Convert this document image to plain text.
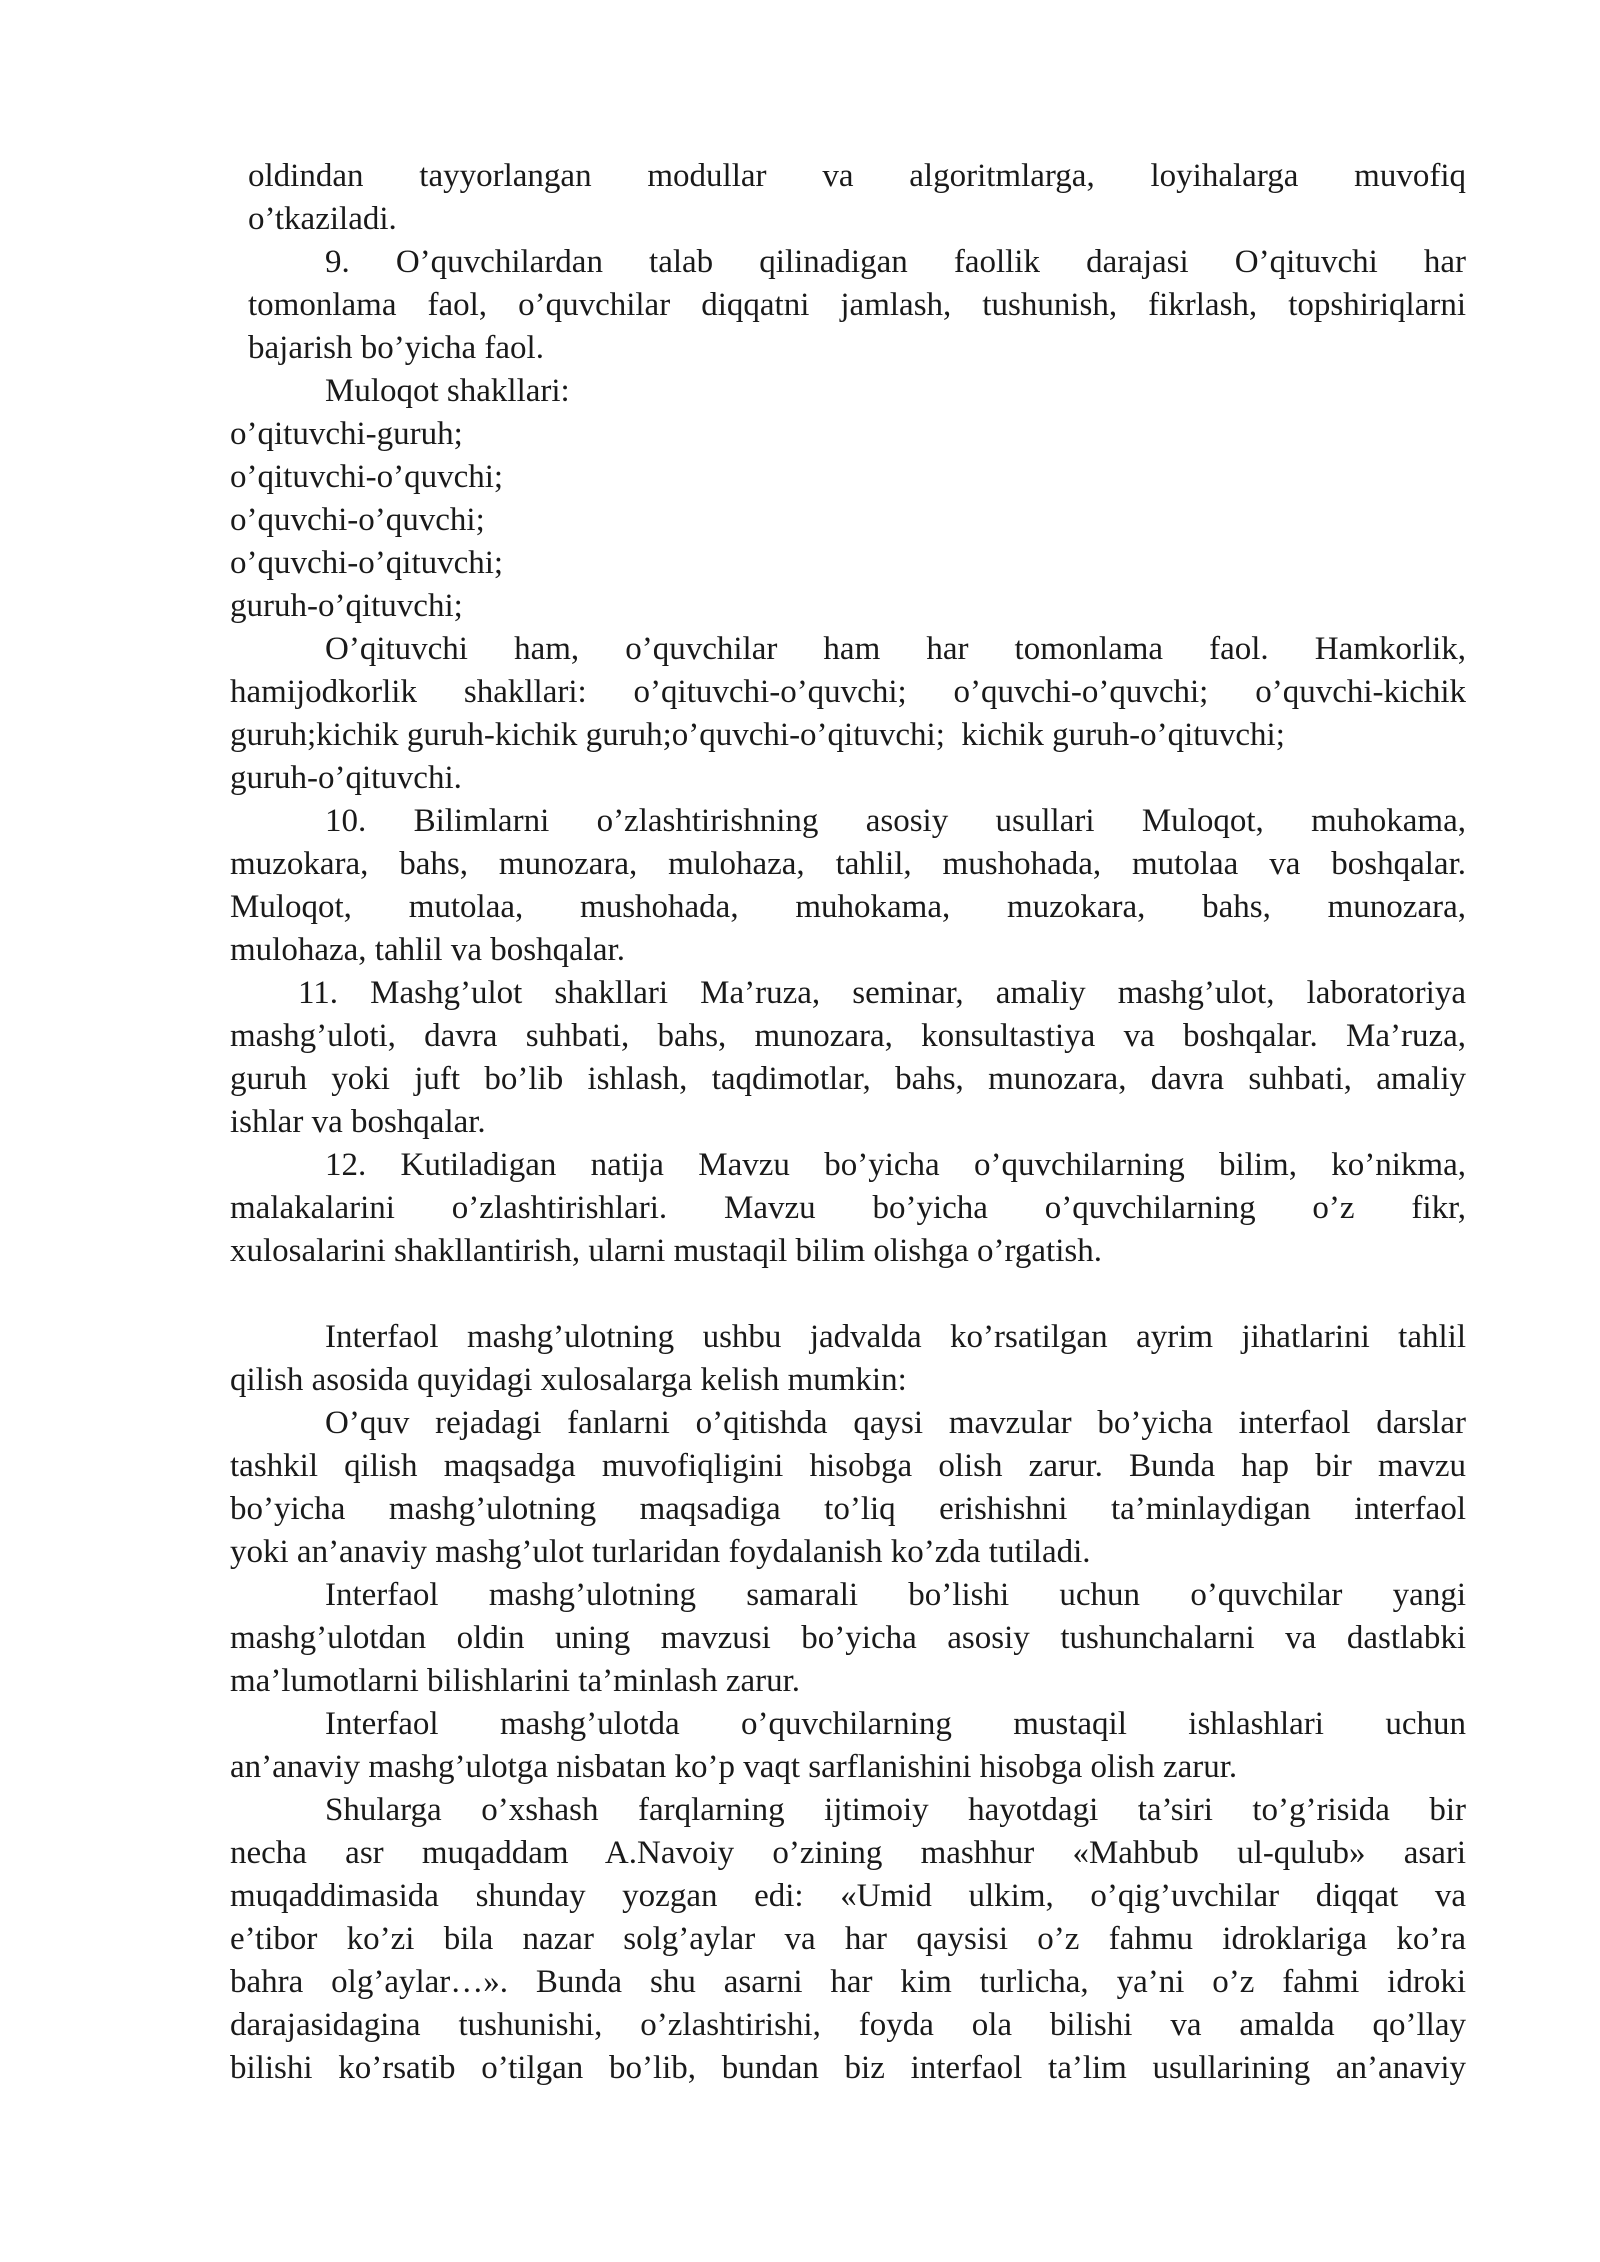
oldindan tayyorlangan modullar va algoritmlarga, loyihalarga muvofiq
o’tkaziladi.
9. O’quvchilardan talab qilinadigan faollik darajasi O’qituvchi har
tomonlama faol, o’quvchilar diqqatni jamlash, tushunish, fikrlash, topshiriqlarni
bajarish bo’yicha faol.
Muloqot shakllari:
o’qituvchi-guruh;
o’qituvchi-o’quvchi;
o’quvchi-o’quvchi;
o’quvchi-o’qituvchi;
guruh-o’qituvchi;
O’qituvchi ham, o’quvchilar ham har tomonlama faol. Hamkorlik,
hamijodkorlik shakllari: o’qituvchi-o’quvchi; o’quvchi-o’quvchi; o’quvchi-kichik
guruh;kichik guruh-kichik guruh;o’quvchi-o’qituvchi;  kichik guruh-o’qituvchi;
guruh-o’qituvchi.
10. Bilimlarni o’zlashtirishning asosiy usullari Muloqot, muhokama,
muzokara, bahs, munozara, mulohaza, tahlil, mushohada, mutolaa va boshqalar.
Muloqot, mutolaa, mushohada, muhokama, muzokara, bahs, munozara,
mulohaza, tahlil va boshqalar.
11. Mashg’ulot shakllari Ma’ruza, seminar, amaliy mashg’ulot, laboratoriya
mashg’uloti, davra suhbati, bahs, munozara, konsultastiya va boshqalar. Ma’ruza,
guruh yoki juft bo’lib ishlash, taqdimotlar, bahs, munozara, davra suhbati, amaliy
ishlar va boshqalar.
12. Kutiladigan natija Mavzu bo’yicha o’quvchilarning bilim, ko’nikma,
malakalarini o’zlashtirishlari. Mavzu bo’yicha o’quvchilarning o’z fikr,
xulosalarini shakllantirish, ularni mustaqil bilim olishga o’rgatish.
Interfaol mashg’ulotning ushbu jadvalda ko’rsatilgan ayrim jihatlarini tahlil
qilish asosida quyidagi xulosalarga kelish mumkin:
O’quv rejadagi fanlarni o’qitishda qaysi mavzular bo’yicha interfaol darslar
tashkil qilish maqsadga muvofiqligini hisobga olish zarur. Bunda hap bir mavzu
bo’yicha mashg’ulotning maqsadiga to’liq erishishni ta’minlaydigan interfaol
yoki an’anaviy mashg’ulot turlaridan foydalanish ko’zda tutiladi.
Interfaol mashg’ulotning samarali bo’lishi uchun o’quvchilar yangi
mashg’ulotdan oldin uning mavzusi bo’yicha asosiy tushunchalarni va dastlabki
ma’lumotlarni bilishlarini ta’minlash zarur.
Interfaol mashg’ulotda o’quvchilarning mustaqil ishlashlari uchun
an’anaviy mashg’ulotga nisbatan ko’p vaqt sarflanishini hisobga olish zarur.
Shularga o’xshash farqlarning ijtimoiy hayotdagi ta’siri to’g’risida bir
necha asr muqaddam A.Navoiy o’zining mashhur «Mahbub ul-qulub» asari
muqaddimasida shunday yozgan edi: «Umid ulkim, o’qig’uvchilar diqqat va
e’tibor ko’zi bila nazar solg’aylar va har qaysisi o’z fahmu idroklariga ko’ra
bahra olg’aylar…». Bunda shu asarni har kim turlicha, ya’ni o’z fahmi idroki
darajasidagina tushunishi, o’zlashtirishi, foyda ola bilishi va amalda qo’llay
bilishi ko’rsatib o’tilgan bo’lib, bundan biz interfaol ta’lim usullarining an’anaviy
